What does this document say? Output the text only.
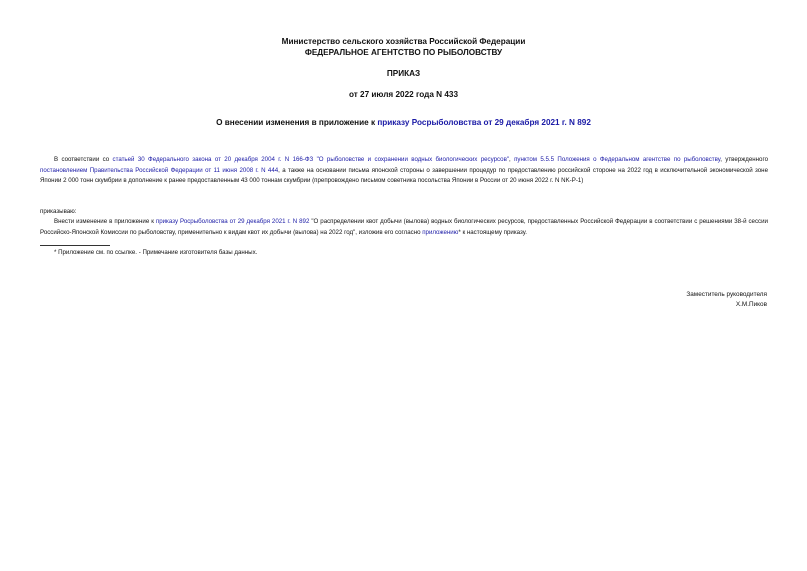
Министерство сельского хозяйства Российской Федерации
ФЕДЕРАЛЬНОЕ АГЕНТСТВО ПО РЫБОЛОВСТВУ
ПРИКАЗ
от 27 июля 2022 года N 433
О внесении изменения в приложение к приказу Росрыболовства от 29 декабря 2021 г. N 892
В соответствии со статьей 30 Федерального закона от 20 декабря 2004 г. N 166-ФЗ "О рыболовстве и сохранении водных биологических ресурсов", пунктом 5.5.5 Положения о Федеральном агентстве по рыболовству, утвержденного постановлением Правительства Российской Федерации от 11 июня 2008 г. N 444, а также на основании письма японской стороны о завершении процедур по предоставлению российской стороне на 2022 год в исключительной экономической зоне Японии 2 000 тонн скумбрии в дополнение к ранее предоставленным 43 000 тоннам скумбрии (препровождено письмом советника посольства Японии в России от 20 июня 2022 г. N NK-P-1)
приказываю:
Внести изменение в приложение к приказу Росрыболовства от 29 декабря 2021 г. N 892 "О распределении квот добычи (вылова) водных биологических ресурсов, предоставленных Российской Федерации в соответствии с решениями 38-й сессии Российско-Японской Комиссии по рыболовству, применительно к видам квот их добычи (вылова) на 2022 год", изложив его согласно приложению* к настоящему приказу.
* Приложение см. по ссылке. - Примечание изготовителя базы данных.
Заместитель руководителя
Х.М.Пиков
